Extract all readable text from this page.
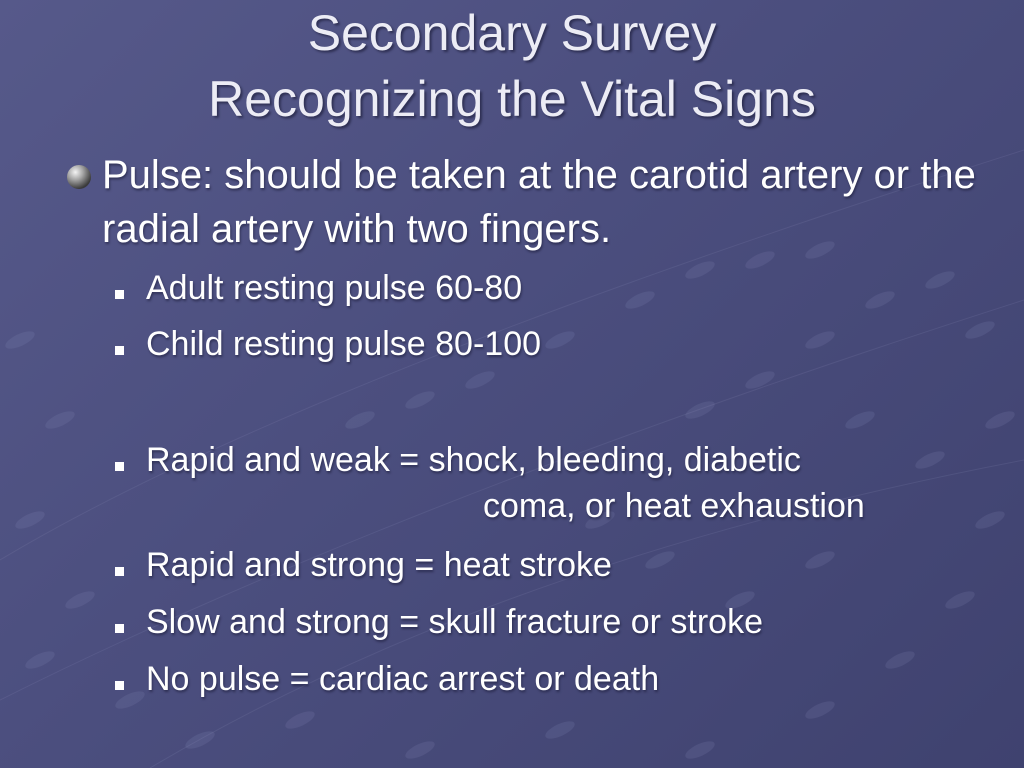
Secondary Survey
Recognizing the Vital Signs
Pulse: should be taken at the carotid artery or the radial artery with two fingers.
Adult resting pulse 60-80
Child resting pulse 80-100
Rapid and weak = shock, bleeding, diabetic
coma, or heat exhaustion
Rapid and strong = heat stroke
Slow and strong = skull fracture or stroke
No pulse = cardiac arrest or death
